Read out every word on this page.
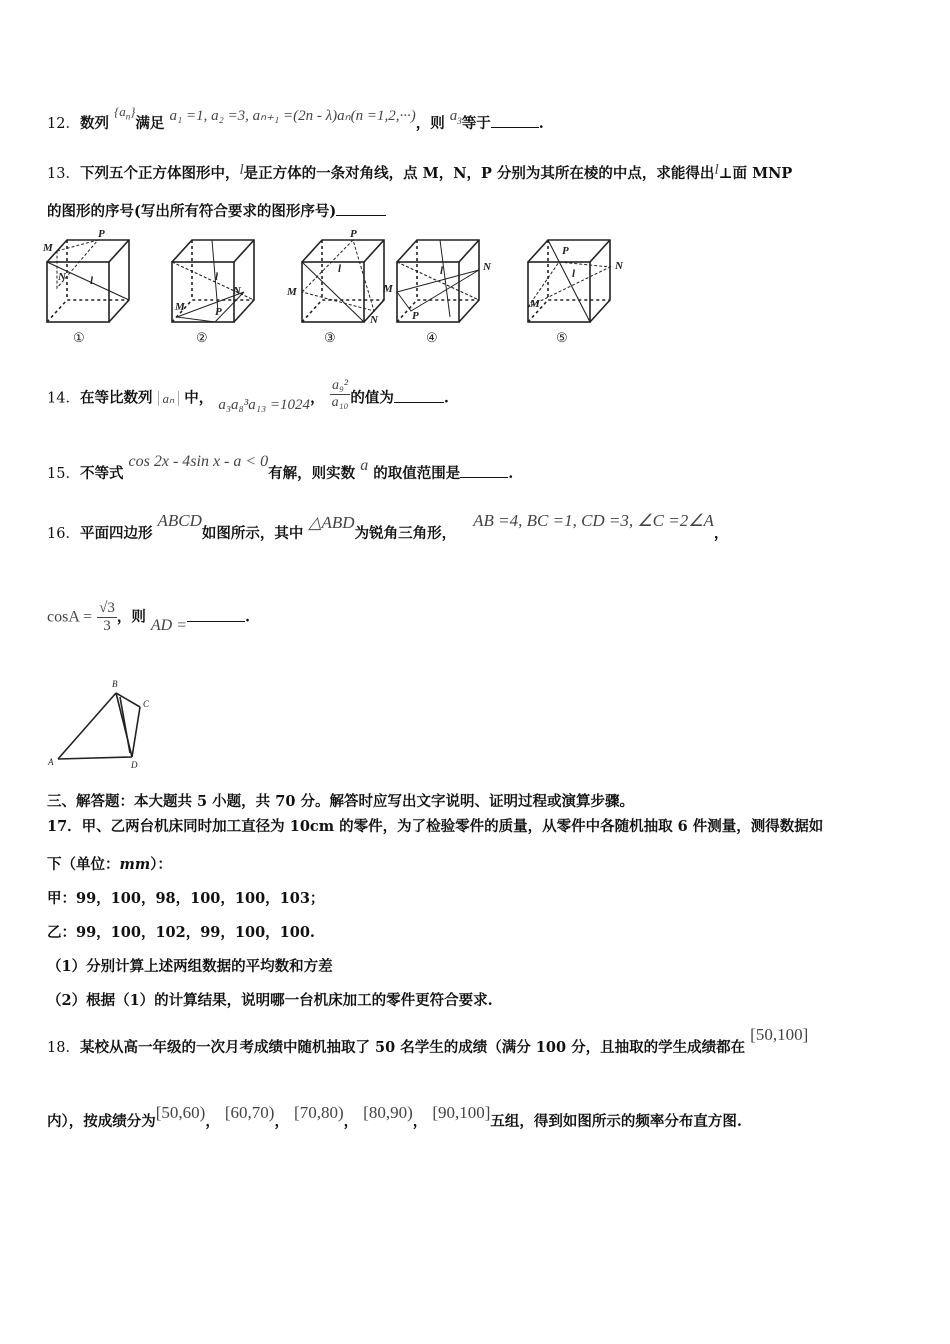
12．数列 $\{a_n\}$满足 a₁ =1, a₂ =3, aₙ₊₁ =(2n - λ)aₙ(n =1,2,···)，则 $a_3$等于	.
13．下列五个正方体图形中，l是正方体的一条对角线，点 M，N，P 分别为其所在棱的中点，求能得出l⊥面 MNP
的图形的序号(写出所有符合要求的图形序号)
M
P
N l
M
N
P
l
M
P
N
l
M
N
P
l
M
P
N
l
①	②	③	④	⑤
14．在等比数列 aₙ 中， a₃a₈³a₁₃ =1024， $\frac{\text{a₉²}}{\text{a₁₀}}$ 的值为	.
15．不等式 cos 2x - 4sin x - a < 0有解，则实数 a 的取值范围是	.
16．平面四边形 ABCD如图所示，其中 △ABD为锐角三角形， AB =4, BC =1, CD =3, ∠C =2∠A，
$\cos A = \frac{√3}{3}$ ，则 AD =	.
A
B
C
D
三、解答题：本大题共 5 小题，共 70 分。解答时应写出文字说明、证明过程或演算步骤。
17．甲、乙两台机床同时加工直径为 10cm 的零件，为了检验零件的质量，从零件中各随机抽取 6 件测量，测得数据如
下（单位：mm）：
甲：99，100，98，100，100，103；
乙：99，100，102，99，100，100.
（1）分别计算上述两组数据的平均数和方差
（2）根据（1）的计算结果，说明哪一台机床加工的零件更符合要求.
18．某校从高一年级的一次月考成绩中随机抽取了 50 名学生的成绩（满分 100 分，且抽取的学生成绩都在 [50,100]
内），按成绩分为[50,60)， [60,70)， [70,80)， [80,90)， [90,100]五组，得到如图所示的频率分布直方图.
